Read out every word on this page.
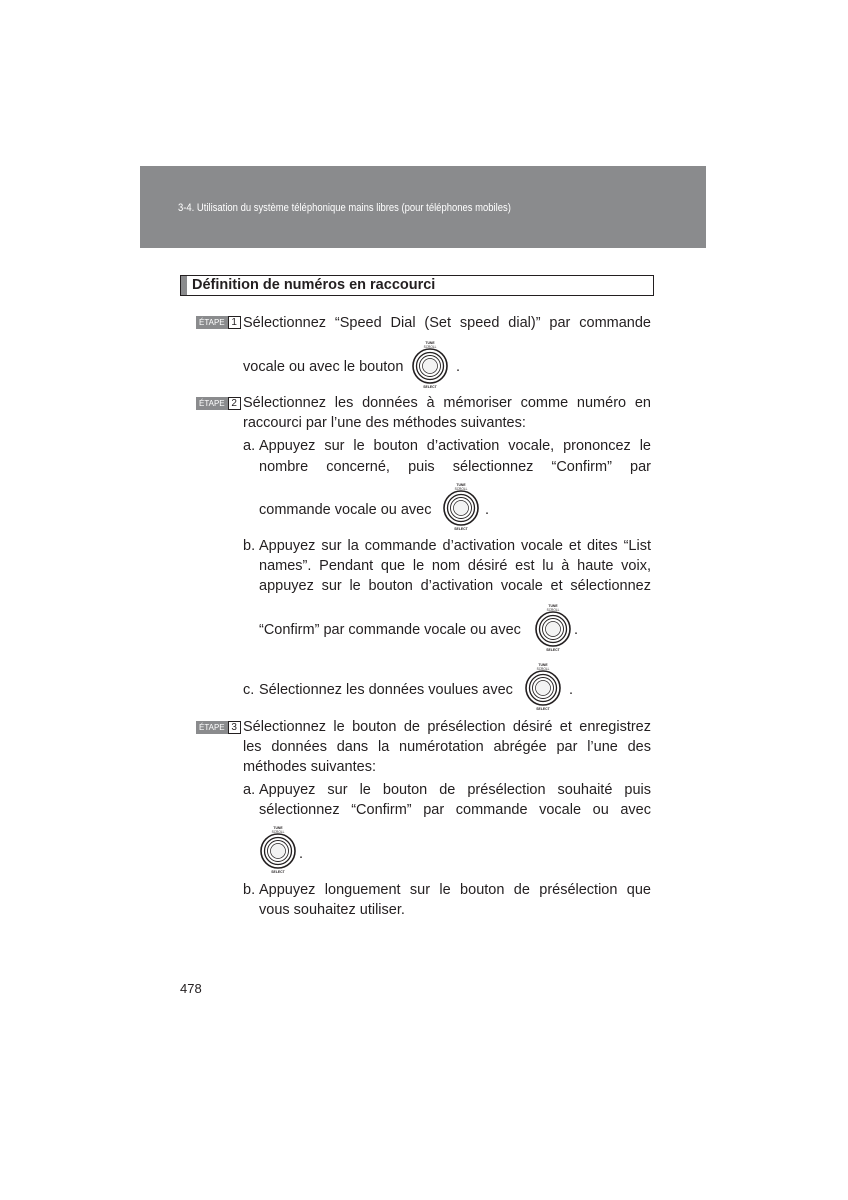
3-4. Utilisation du système téléphonique mains libres (pour téléphones mobiles)
Définition de numéros en raccourci
ÉTAPE 1 Sélectionnez “Speed Dial (Set speed dial)” par commande
vocale ou avec le bouton
TUNE
SCROLL
SELECT
.
ÉTAPE 2 Sélectionnez les données à mémoriser comme numéro en
raccourci par l’une des méthodes suivantes:
a. Appuyez sur le bouton d’activation vocale, prononcez le
nombre concerné, puis sélectionnez “Confirm” par
commande vocale ou avec
TUNE
SCROLL
SELECT
.
b. Appuyez sur la commande d’activation vocale et dites “List
names”. Pendant que le nom désiré est lu à haute voix,
appuyez sur le bouton d’activation vocale et sélectionnez
“Confirm” par commande vocale ou avec
TUNE
SCROLL
SELECT
.
c. Sélectionnez les données voulues avec
TUNE
SCROLL
SELECT
.
ÉTAPE 3 Sélectionnez le bouton de présélection désiré et enregistrez
les données dans la numérotation abrégée par l’une des
méthodes suivantes:
a. Appuyez sur le bouton de présélection souhaité puis
sélectionnez “Confirm” par commande vocale ou avec
TUNE
SCROLL
SELECT
.
b. Appuyez longuement sur le bouton de présélection que
vous souhaitez utiliser.
478
